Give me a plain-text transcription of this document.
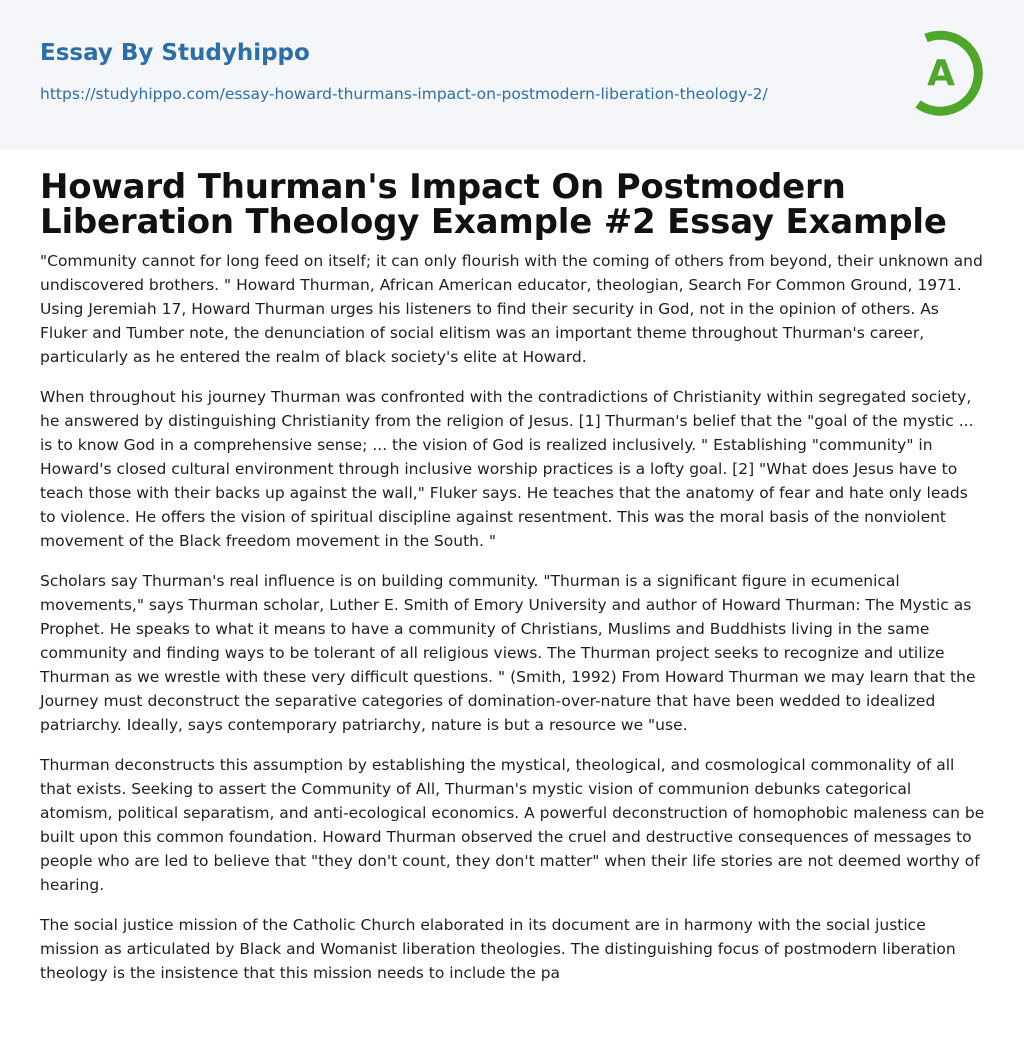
Essay By Studyhippo
https://studyhippo.com/essay-howard-thurmans-impact-on-postmodern-liberation-theology-2/	A
Howard Thurman's Impact On Postmodern Liberation Theology Example #2 Essay Example

"Community cannot for long feed on itself; it can only flourish with the coming of others from beyond, their unknown and undiscovered brothers. " Howard Thurman, African American educator, theologian, Search For Common Ground, 1971. Using Jeremiah 17, Howard Thurman urges his listeners to find their security in God, not in the opinion of others. As Fluker and Tumber note, the denunciation of social elitism was an important theme throughout Thurman's career, particularly as he entered the realm of black society's elite at Howard.

When throughout his journey Thurman was confronted with the contradictions of Christianity within segregated society, he answered by distinguishing Christianity from the religion of Jesus. [1] Thurman's belief that the "goal of the mystic ... is to know God in a comprehensive sense; ... the vision of God is realized inclusively. " Establishing "community" in Howard's closed cultural environment through inclusive worship practices is a lofty goal. [2] "What does Jesus have to teach those with their backs up against the wall," Fluker says. He teaches that the anatomy of fear and hate only leads to violence. He offers the vision of spiritual discipline against resentment. This was the moral basis of the nonviolent movement of the Black freedom movement in the South. "

Scholars say Thurman's real influence is on building community. "Thurman is a significant figure in ecumenical movements," says Thurman scholar, Luther E. Smith of Emory University and author of Howard Thurman: The Mystic as Prophet. He speaks to what it means to have a community of Christians, Muslims and Buddhists living in the same community and finding ways to be tolerant of all religious views. The Thurman project seeks to recognize and utilize Thurman as we wrestle with these very difficult questions. " (Smith, 1992) From Howard Thurman we may learn that the Journey must deconstruct the separative categories of domination-over-nature that have been wedded to idealized patriarchy. Ideally, says contemporary patriarchy, nature is but a resource we "use.

Thurman deconstructs this assumption by establishing the mystical, theological, and cosmological commonality of all that exists. Seeking to assert the Community of All, Thurman's mystic vision of communion debunks categorical atomism, political separatism, and anti-ecological economics. A powerful deconstruction of homophobic maleness can be built upon this common foundation. Howard Thurman observed the cruel and destructive consequences of messages to people who are led to believe that "they don't count, they don't matter" when their life stories are not deemed worthy of hearing.

The social justice mission of the Catholic Church elaborated in its document are in harmony with the social justice mission as articulated by Black and Womanist liberation theologies. The distinguishing focus of postmodern liberation theology is the insistence that this mission needs to include the pa
